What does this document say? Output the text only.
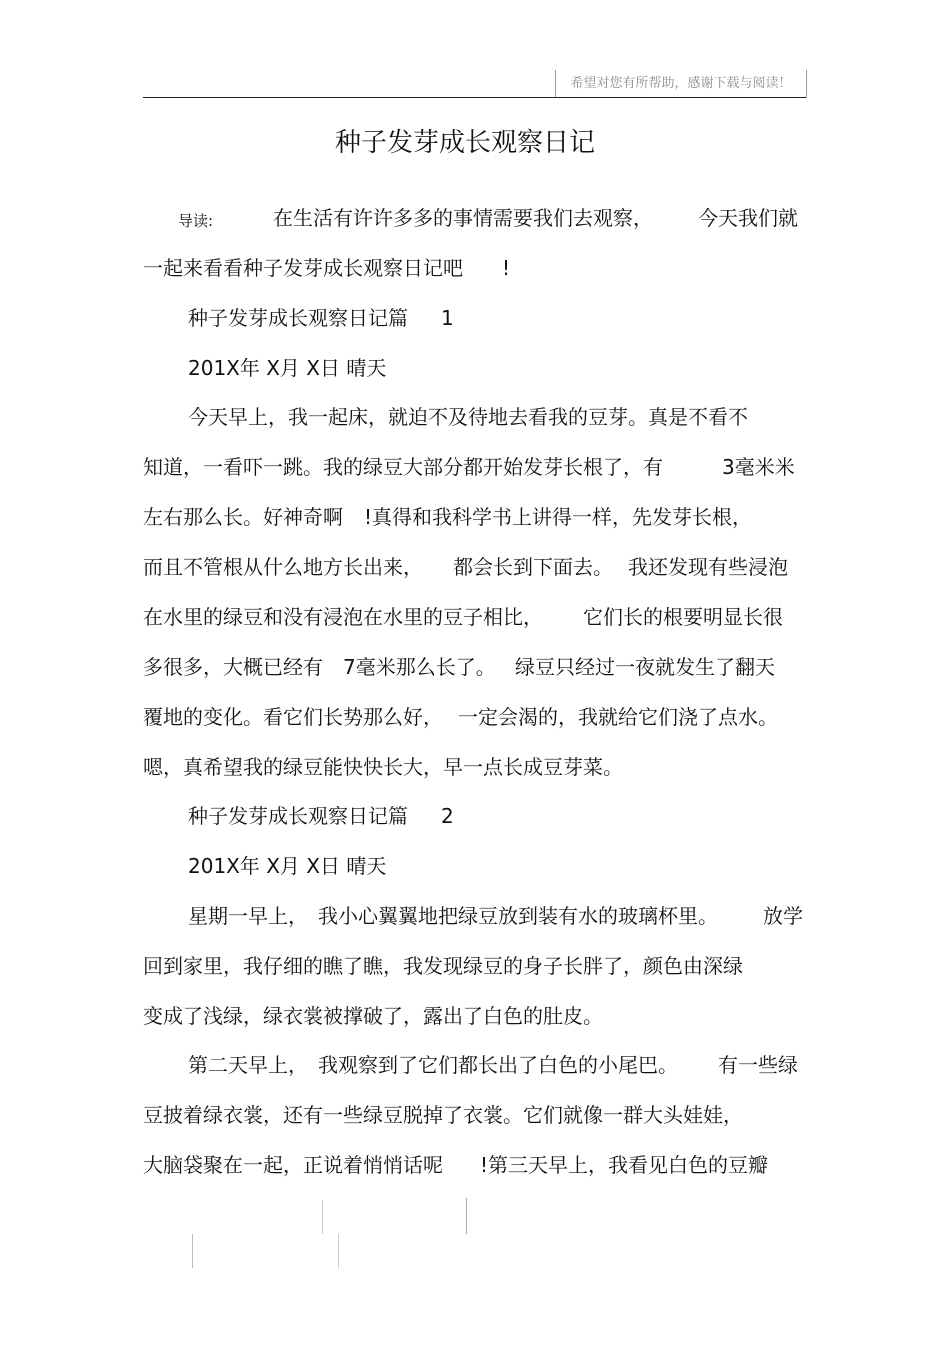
希望对您有所帮助，感谢下载与阅读！
种子发芽成长观察日记
导读:	在生活有许许多多的事情需要我们去观察， 今天我们就
一起来看看种子发芽成长观察日记吧 !
种子发芽成长观察日记篇 1
201X年 X月 X日 晴天
今天早上，我一起床，就迫不及待地去看我的豆芽。真是不看不
知道，一看吓一跳。我的绿豆大部分都开始发芽长根了，有	3毫米米
左右那么长。好神奇啊 !真得和我科学书上讲得一样，先发芽长根，
而且不管根从什么地方长出来， 都会长到下面去。 我还发现有些浸泡
在水里的绿豆和没有浸泡在水里的豆子相比， 它们长的根要明显长很
多很多，大概已经有 7毫米那么长了。 绿豆只经过一夜就发生了翻天
覆地的变化。看它们长势那么好， 一定会渴的，我就给它们浇了点水。
嗯，真希望我的绿豆能快快长大，早一点长成豆芽菜。
种子发芽成长观察日记篇 2
201X年 X月 X日 晴天
星期一早上， 我小心翼翼地把绿豆放到装有水的玻璃杯里。 放学
回到家里，我仔细的瞧了瞧，我发现绿豆的身子长胖了，颜色由深绿
变成了浅绿，绿衣裳被撑破了，露出了白色的肚皮。
第二天早上， 我观察到了它们都长出了白色的小尾巴。 有一些绿
豆披着绿衣裳，还有一些绿豆脱掉了衣裳。它们就像一群大头娃娃，
大脑袋聚在一起，正说着悄悄话呢 !第三天早上，我看见白色的豆瓣
